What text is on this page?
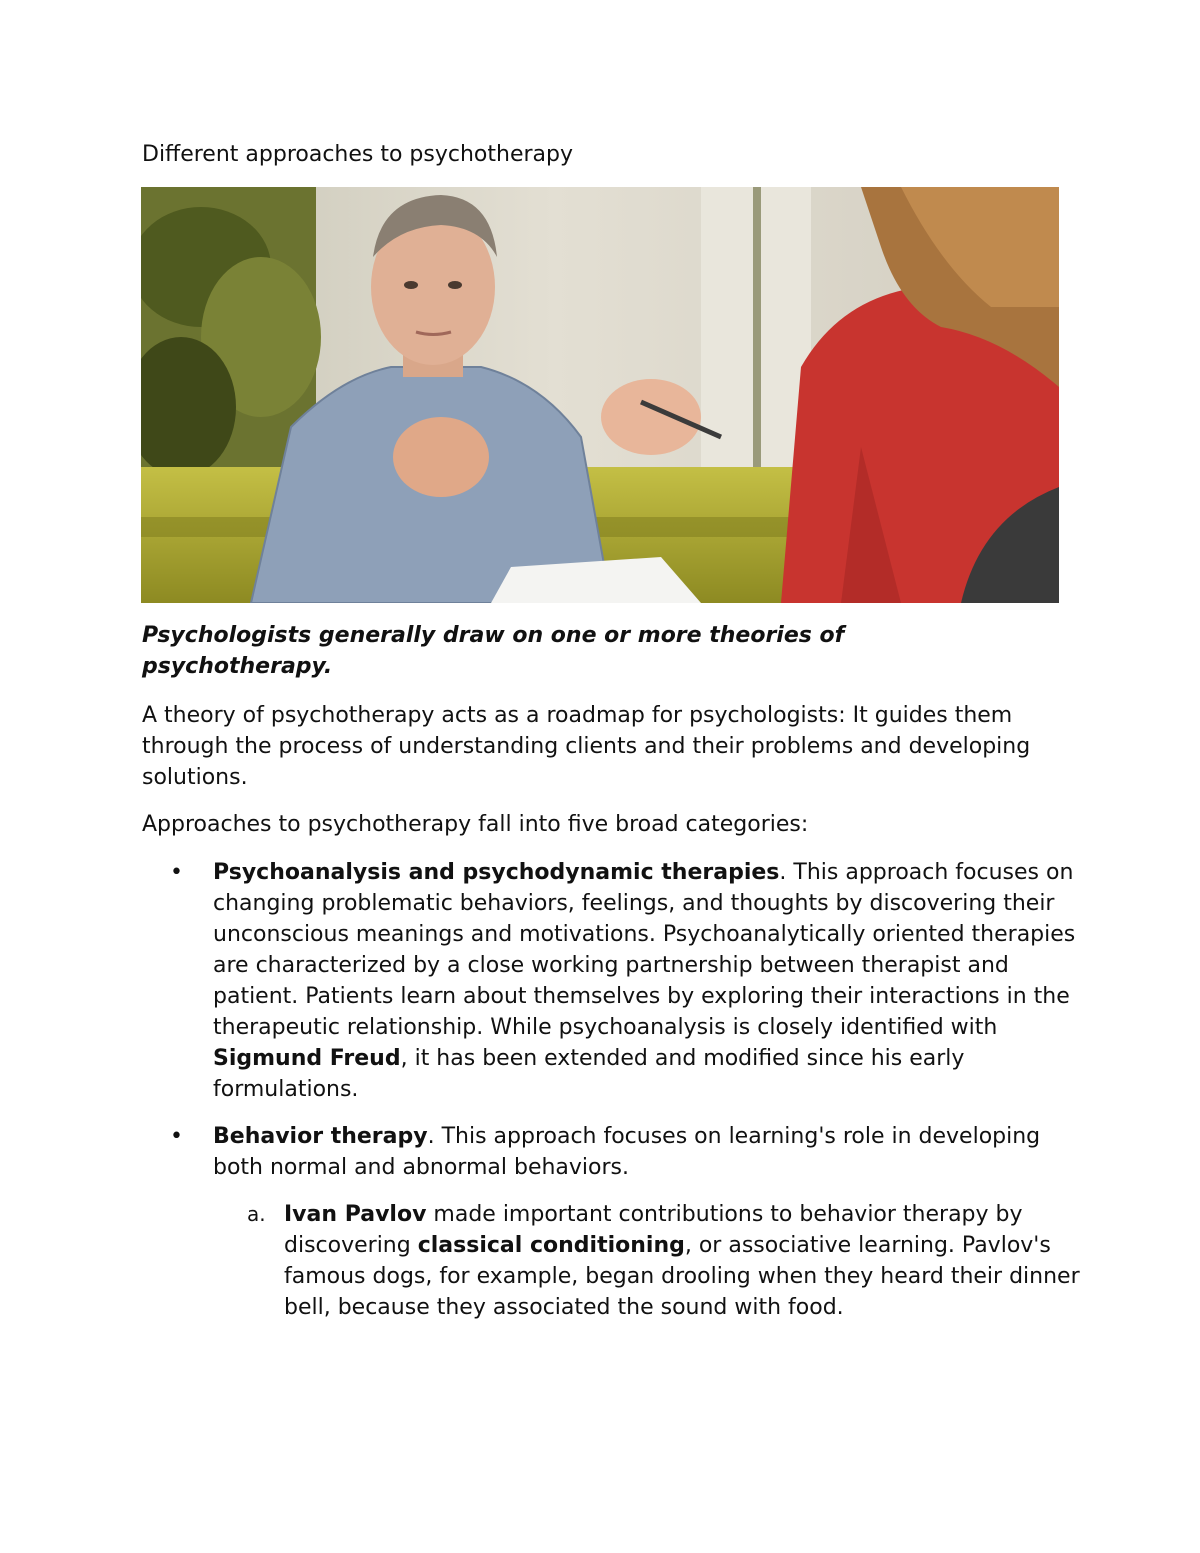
Different approaches to psychotherapy

Psychologists generally draw on one or more theories of psychotherapy.

A theory of psychotherapy acts as a roadmap for psychologists: It guides them through the process of understanding clients and their problems and developing solutions.

Approaches to psychotherapy fall into five broad categories:

• Psychoanalysis and psychodynamic therapies. This approach focuses on changing problematic behaviors, feelings, and thoughts by discovering their unconscious meanings and motivations. Psychoanalytically oriented therapies are characterized by a close working partnership between therapist and patient. Patients learn about themselves by exploring their interactions in the therapeutic relationship. While psychoanalysis is closely identified with Sigmund Freud, it has been extended and modified since his early formulations.
• Behavior therapy. This approach focuses on learning's role in developing both normal and abnormal behaviors.
a. Ivan Pavlov made important contributions to behavior therapy by discovering classical conditioning, or associative learning. Pavlov's famous dogs, for example, began drooling when they heard their dinner bell, because they associated the sound with food.
